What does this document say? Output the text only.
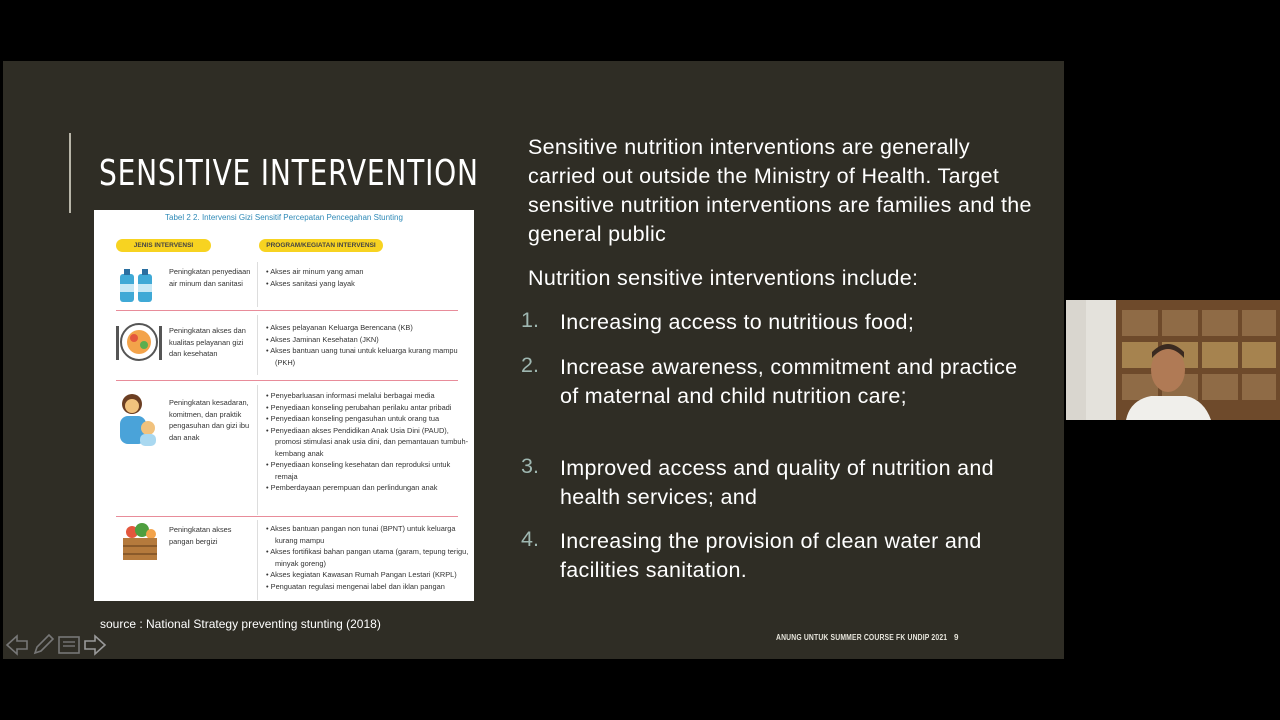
SENSITIVE INTERVENTION
Tabel 2 2. Intervensi Gizi Sensitif Percepatan Pencegahan Stunting
JENIS INTERVENSI	PROGRAM/KEGIATAN INTERVENSI
Peningkatan penyediaan air minum dan sanitasi
• Akses air minum yang aman
• Akses sanitasi yang layak
Peningkatan akses dan kualitas pelayanan gizi dan kesehatan
• Akses pelayanan Keluarga Berencana (KB)
• Akses Jaminan Kesehatan (JKN)
• Akses bantuan uang tunai untuk keluarga kurang mampu (PKH)
Peningkatan kesadaran, komitmen, dan praktik pengasuhan dan gizi ibu dan anak
• Penyebarluasan informasi melalui berbagai media
• Penyediaan konseling perubahan perilaku antar pribadi
• Penyediaan konseling pengasuhan untuk orang tua
• Penyediaan akses Pendidikan Anak Usia Dini (PAUD), promosi stimulasi anak usia dini, dan pemantauan tumbuh-kembang anak
• Penyediaan konseling kesehatan dan reproduksi untuk remaja
• Pemberdayaan perempuan dan perlindungan anak
Peningkatan akses pangan bergizi
• Akses bantuan pangan non tunai (BPNT) untuk keluarga kurang mampu
• Akses fortifikasi bahan pangan utama (garam, tepung terigu, minyak goreng)
• Akses kegiatan Kawasan Rumah Pangan Lestari (KRPL)
• Penguatan regulasi mengenai label dan iklan pangan
Sensitive nutrition interventions are generally carried out outside the Ministry of Health. Target sensitive nutrition interventions are families and the general public
Nutrition sensitive interventions include:
1. Increasing access to nutritious food;
2. Increase awareness, commitment and practice of maternal and child nutrition care;
3. Improved access and quality of nutrition and health services; and
4. Increasing the provision of clean water and facilities sanitation.
source : National Strategy preventing stunting (2018)
ANUNG UNTUK SUMMER COURSE FK UNDIP 2021 9
